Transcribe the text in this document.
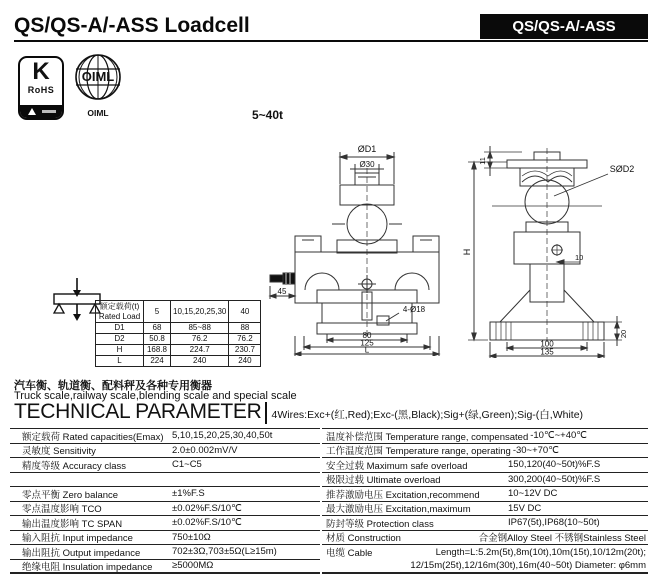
QS/QS-A/-ASS Loadcell	QS/QS-A/-ASS
K
RoHS
OIML
OIML	5~40t
额定载荷(t)
Rated Load	5	10,15,20,25,30	40
D1	68	85~88	88
D2	50.8	76.2	76.2
H	168.8	224.7	230.7
L	224	240	240
ØD1
Ø30
45
4-Ø18
80
125
L
11
SØD2
H
10
20
100
135
汽车衡、轨道衡、配料秤及各种专用衡器
Truck scale,railway scale,blending scale and special scale
TECHNICAL PARAMETER 4Wires:Exc+(红,Red);Exc-(黑,Black);Sig+(绿,Green);Sig-(白,White)
额定载荷 Rated capacities(Emax) 5,10,15,20,25,30,40,50t
灵敏度 Sensitivity	2.0±0.002mV/V
精度等级 Accuracy class	C1~C5
零点平衡 Zero balance	±1%F.S
零点温度影响 TCO	±0.02%F.S/10℃
输出温度影响 TC SPAN	±0.02%F.S/10℃
输入阻抗 Input impedance	750±10Ω
输出阻抗 Output impedance	702±3Ω,703±5Ω(L≥15m)
绝缘电阻 Insulation impedance	≥5000MΩ
温度补偿范围 Temperature range, compensated -10℃~+40℃
工作温度范围 Temperature range, operating -30~+70℃
安全过载 Maximum safe overload	150,120(40~50t)%F.S
极限过载 Ultimate overload	300,200(40~50t)%F.S
推荐激励电压 Excitation,recommend	10~12V DC
最大激励电压 Excitation,maximum	15V DC
防封等级 Protection class	IP67(5t),IP68(10~50t)
材质 Construction	合金钢Alloy Steel 不锈钢Stainless Steel
电缆 Cable	Length=L:5.2m(5t),8m(10t),10m(15t),10/12m(20t);
12/15m(25t),12/16m(30t),16m(40~50t) Diameter: φ6mm
